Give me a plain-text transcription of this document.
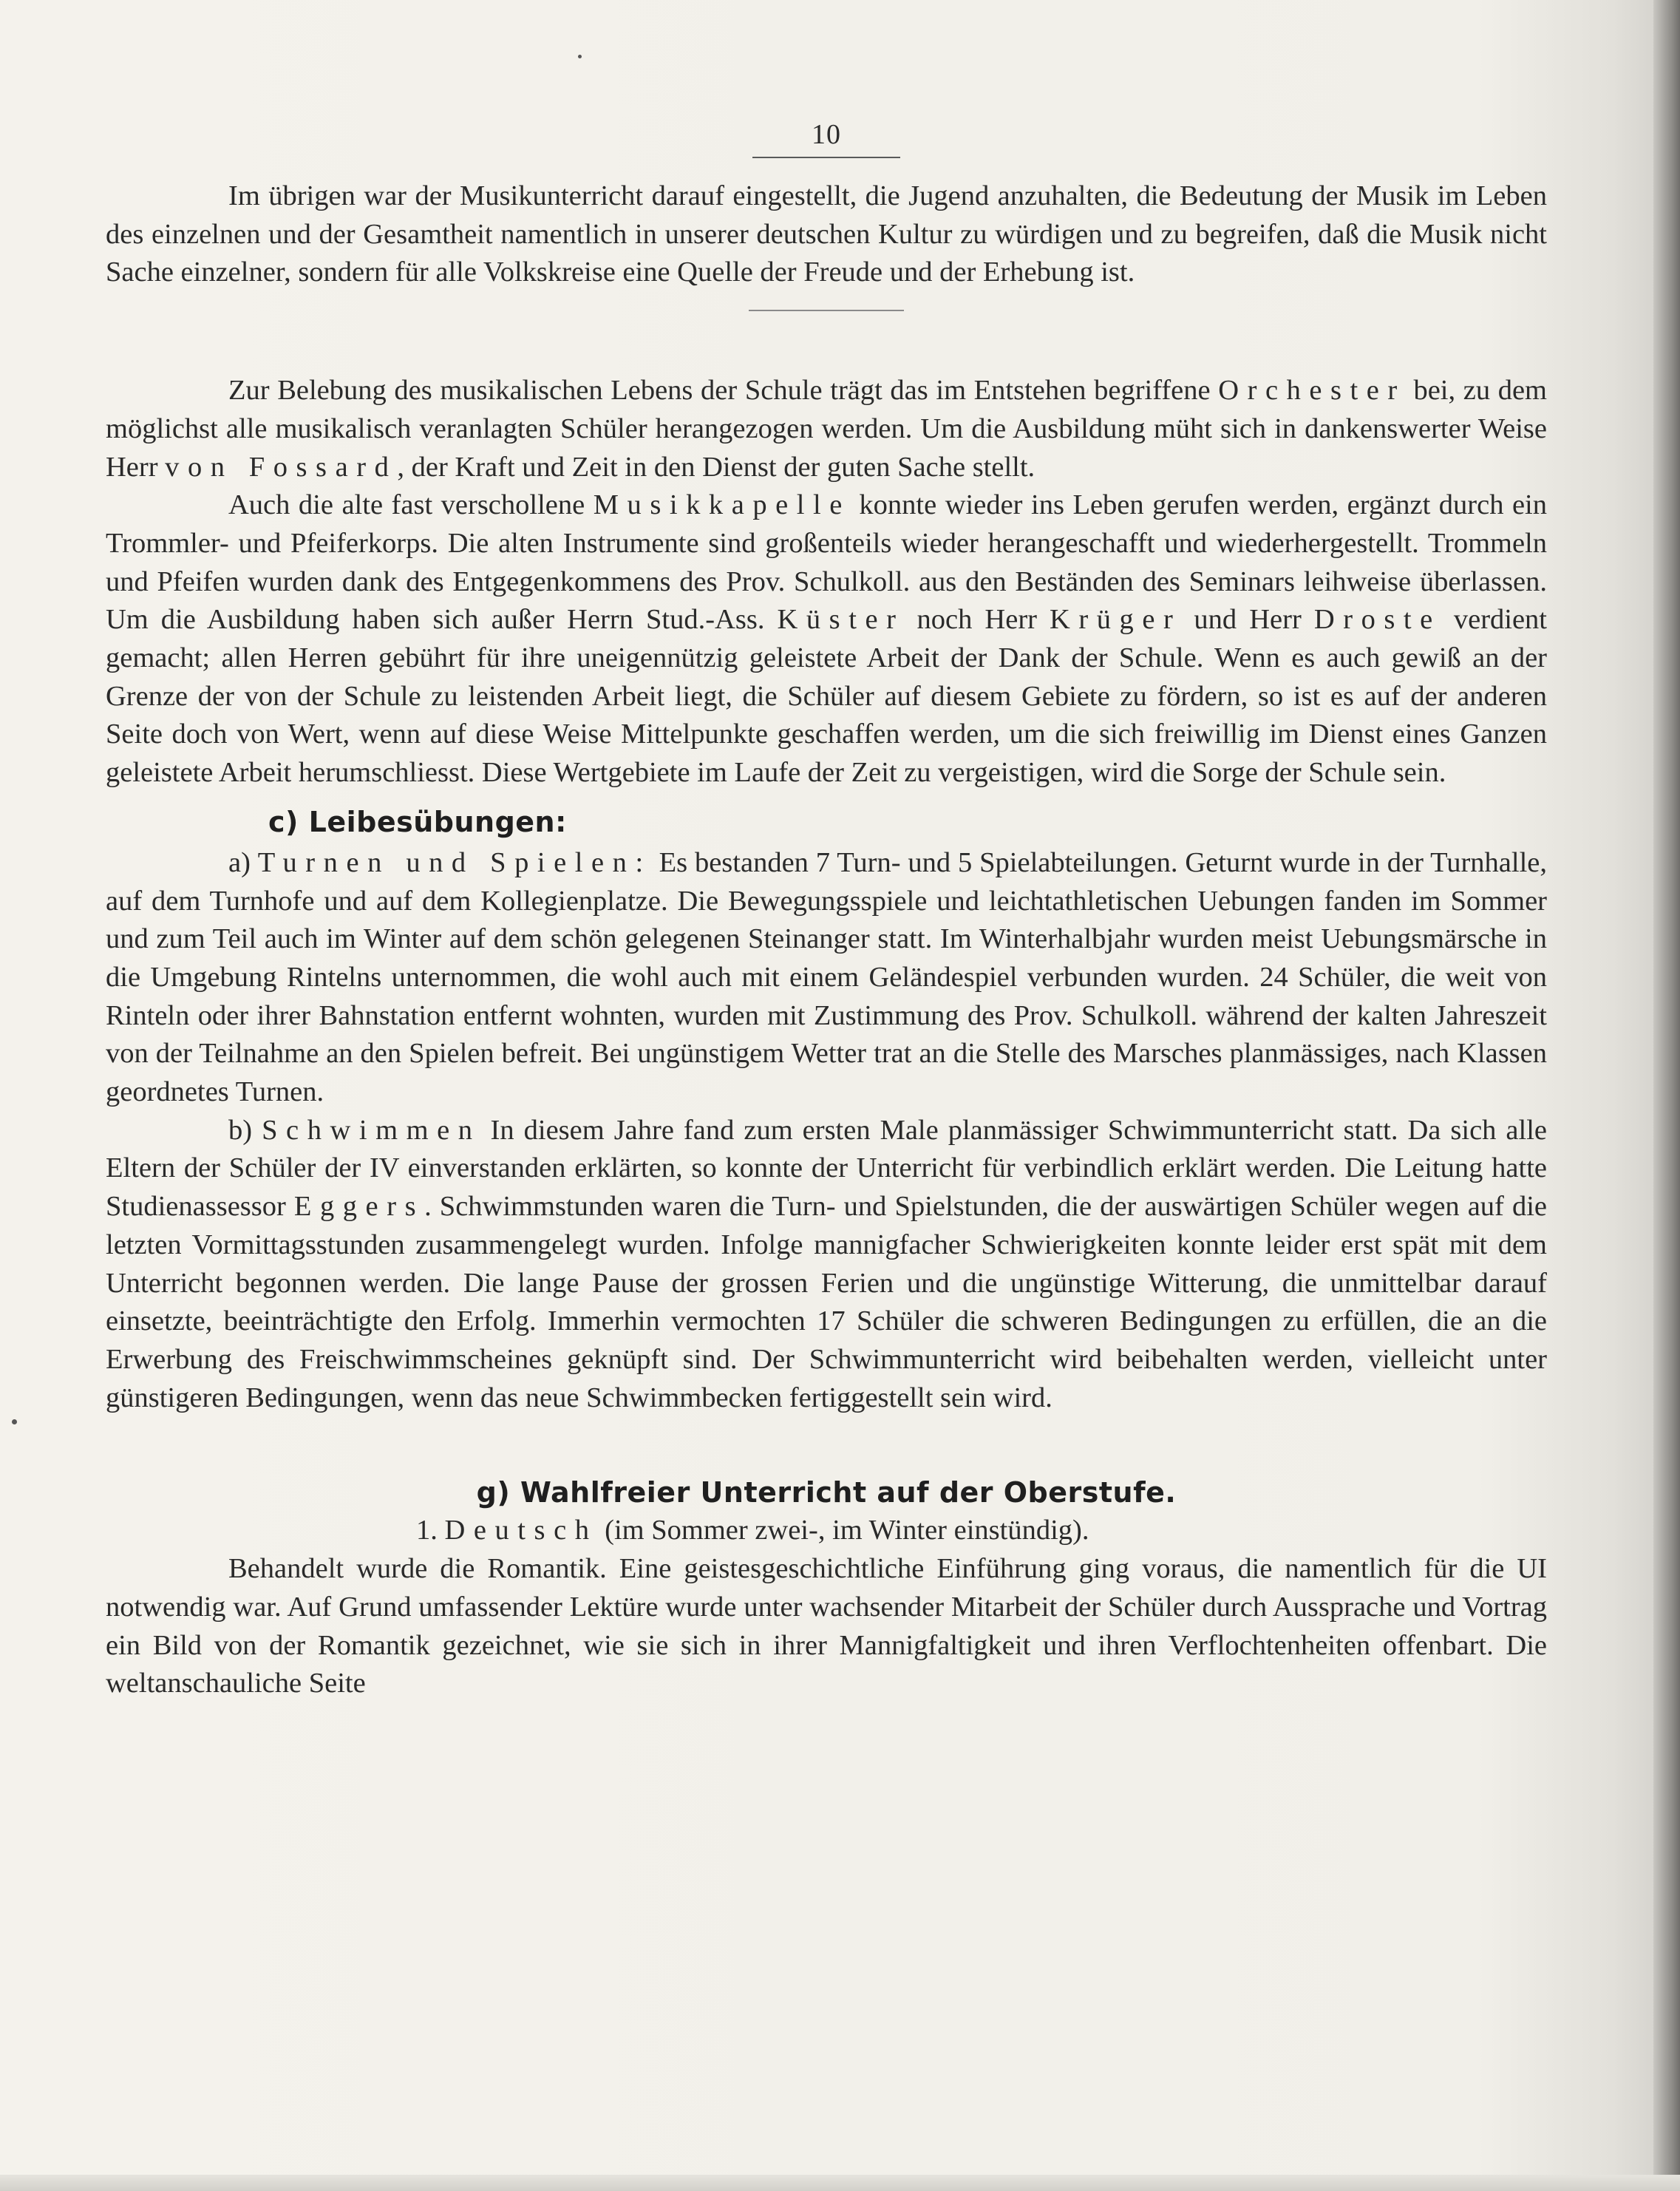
10

Im übrigen war der Musikunterricht darauf eingestellt, die Jugend anzuhalten, die Bedeutung der Musik im Leben des einzelnen und der Gesamtheit namentlich in unserer deutschen Kultur zu würdigen und zu begreifen, daß die Musik nicht Sache einzelner, sondern für alle Volkskreise eine Quelle der Freude und der Erhebung ist.

Zur Belebung des musikalischen Lebens der Schule trägt das im Entstehen begriffene Orchester bei, zu dem möglichst alle musikalisch veranlagten Schüler herangezogen werden. Um die Ausbildung müht sich in dankenswerter Weise Herr von Fossard, der Kraft und Zeit in den Dienst der guten Sache stellt.

Auch die alte fast verschollene Musikkapelle konnte wieder ins Leben gerufen werden, ergänzt durch ein Trommler- und Pfeiferkorps. Die alten Instrumente sind großenteils wieder herangeschafft und wiederhergestellt. Trommeln und Pfeifen wurden dank des Entgegenkommens des Prov. Schulkoll. aus den Beständen des Seminars leihweise überlassen. Um die Ausbildung haben sich außer Herrn Stud.-Ass. Küster noch Herr Krüger und Herr Droste verdient gemacht; allen Herren gebührt für ihre uneigennützig geleistete Arbeit der Dank der Schule. Wenn es auch gewiß an der Grenze der von der Schule zu leistenden Arbeit liegt, die Schüler auf diesem Gebiete zu fördern, so ist es auf der anderen Seite doch von Wert, wenn auf diese Weise Mittelpunkte geschaffen werden, um die sich freiwillig im Dienst eines Ganzen geleistete Arbeit herumschliesst. Diese Wertgebiete im Laufe der Zeit zu vergeistigen, wird die Sorge der Schule sein.

c) Leibesübungen:

a) Turnen und Spielen: Es bestanden 7 Turn- und 5 Spielabteilungen. Geturnt wurde in der Turnhalle, auf dem Turnhofe und auf dem Kollegienplatze. Die Bewegungsspiele und leichtathletischen Uebungen fanden im Sommer und zum Teil auch im Winter auf dem schön gelegenen Steinanger statt. Im Winterhalbjahr wurden meist Uebungsmärsche in die Umgebung Rintelns unternommen, die wohl auch mit einem Geländespiel verbunden wurden. 24 Schüler, die weit von Rinteln oder ihrer Bahnstation entfernt wohnten, wurden mit Zustimmung des Prov. Schulkoll. während der kalten Jahreszeit von der Teilnahme an den Spielen befreit. Bei ungünstigem Wetter trat an die Stelle des Marsches planmässiges, nach Klassen geordnetes Turnen.

b) Schwimmen In diesem Jahre fand zum ersten Male planmässiger Schwimmunterricht statt. Da sich alle Eltern der Schüler der IV einverstanden erklärten, so konnte der Unterricht für verbindlich erklärt werden. Die Leitung hatte Studienassessor Eggers. Schwimmstunden waren die Turn- und Spielstunden, die der auswärtigen Schüler wegen auf die letzten Vormittagsstunden zusammengelegt wurden. Infolge mannigfacher Schwierigkeiten konnte leider erst spät mit dem Unterricht begonnen werden. Die lange Pause der grossen Ferien und die ungünstige Witterung, die unmittelbar darauf einsetzte, beeinträchtigte den Erfolg. Immerhin vermochten 17 Schüler die schweren Bedingungen zu erfüllen, die an die Erwerbung des Freischwimmscheines geknüpft sind. Der Schwimmunterricht wird beibehalten werden, vielleicht unter günstigeren Bedingungen, wenn das neue Schwimmbecken fertiggestellt sein wird.

g) Wahlfreier Unterricht auf der Oberstufe.

1. Deutsch (im Sommer zwei-, im Winter einstündig).

Behandelt wurde die Romantik. Eine geistesgeschichtliche Einführung ging voraus, die namentlich für die UI notwendig war. Auf Grund umfassender Lektüre wurde unter wachsender Mitarbeit der Schüler durch Aussprache und Vortrag ein Bild von der Romantik gezeichnet, wie sie sich in ihrer Mannigfaltigkeit und ihren Verflochtenheiten offenbart. Die weltanschauliche Seite
